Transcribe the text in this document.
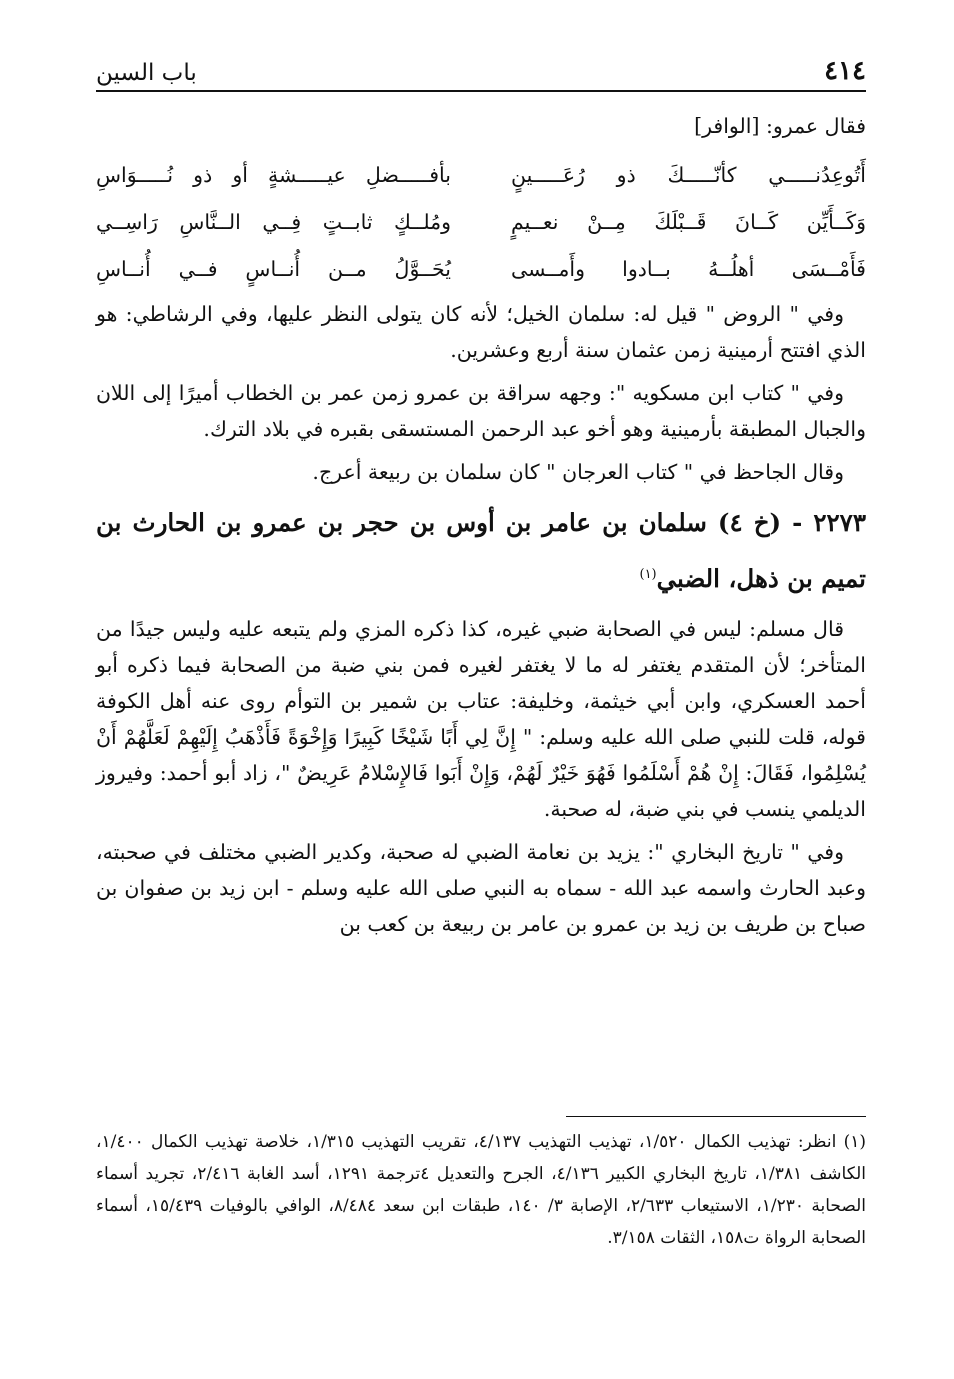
٤١٤
باب السين

فقال عمرو: [الوافر]

أَتُوعِدُنـــــي كأنّـــــكَ ذو رُعَـــــينٍ
بأفـــــضلِ عيـــــشةٍ أو ذو نُـــــوَاسِ
وَكَــأَيِّن كَــانَ قَــبْلَكَ مِــنْ نعــيمٍ
ومُلــكٍ ثابــتٍ فِــي الــنَّاسِ رَاسِــي
فَأَمْــسَى أهلُــهُ بــادوا وأَمــسى
يُحَــوَّلُ مــن أُنــاسٍ فــي أُنــاسِ

وفي " الروض " قيل له: سلمان الخيل؛ لأنه كان يتولى النظر عليها، وفي الرشاطي: هو الذي افتتح أرمينية زمن عثمان سنة أربع وعشرين.

وفي " كتاب ابن مسكويه ": وجهه سراقة بن عمرو زمن عمر بن الخطاب أميرًا إلى اللان والجبال المطبقة بأرمينية وهو أخو عبد الرحمن المستسقى بقبره في بلاد الترك.

وقال الجاحظ في " كتاب العرجان " كان سلمان بن ربيعة أعرج.

٢٢٧٣ - (خ ٤) سلمان بن عامر بن أوس بن حجر بن عمرو بن الحارث بن تميم بن ذهل، الضبي$^{(١)}$

قال مسلم: ليس في الصحابة ضبي غيره، كذا ذكره المزي ولم يتبعه عليه وليس جيدًا من المتأخر؛ لأن المتقدم يغتفر له ما لا يغتفر لغيره فمن بني ضبة من الصحابة فيما ذكره أبو أحمد العسكري، وابن أبي خيثمة، وخليفة: عتاب بن شمير بن التوأم روى عنه أهل الكوفة قوله، قلت للنبي صلى الله عليه وسلم: " إِنَّ لِي أَبًا شَيْخًا كَبِيرًا وَإِخْوَةً فَأَذْهَبُ إِلَيْهِمْ لَعَلَّهُمْ أَنْ يُسْلِمُوا، فَقَالَ: إِنْ هُمْ أَسْلَمُوا فَهُوَ خَيْرٌ لَهُمْ، وَإِنْ أَبَوا فَالإِسْلامُ عَرِيضٌ "، زاد أبو أحمد: وفيروز الديلمي ينسب في بني ضبة، له صحبة.

وفي " تاريخ البخاري ": يزيد بن نعامة الضبي له صحبة، وكدير الضبي مختلف في صحبته، وعبد الحارث واسمه عبد الله - سماه به النبي صلى الله عليه وسلم - ابن زيد بن صفوان بن صباح بن طريف بن زيد بن عمرو بن عامر بن ربيعة بن كعب بن

(١) انظر: تهذيب الكمال ١/٥٢٠، تهذيب التهذيب ٤/١٣٧، تقريب التهذيب ١/٣١٥، خلاصة تهذيب الكمال ١/٤٠٠، الكاشف ١/٣٨١، تاريخ البخاري الكبير ٤/١٣٦، الجرح والتعديل ٤ترجمة ١٢٩١، أسد الغابة ٢/٤١٦، تجريد أسماء الصحابة ١/٢٣٠، الاستيعاب ٢/٦٣٣، الإصابة ٣/ ١٤٠، طبقات ابن سعد ٨/٤٨٤، الوافي بالوفيات ١٥/٤٣٩، أسماء الصحابة الرواة ت١٥٨، الثقات ٣/١٥٨.
